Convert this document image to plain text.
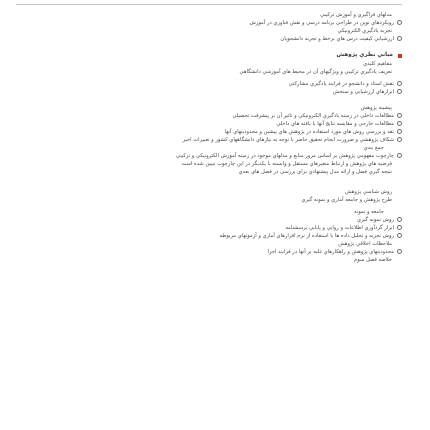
ﻣﺪﻟﻬﺎﻱ ﻓﺮﺍﮔﻴﺮﻱ ﻭ ﺁﻣﻮﺯﺵ ﺗﺮﻛﻴﺒﻲ
ﺭﻭﻳﻜﺮﺩﻫﺎﻱ ﻧﻮﻳﻦ ﺩﺭ ﻃﺮﺍﺣﻲ ﺑﺮﻧﺎﻣﻪ ﺩﺭﺳﻲ ﻭ ﻧﻘﺶ ﻓﻨﺎﻭﺭﻱ ﺩﺭ ﺁﻣﻮﺯﺵ
ﺗﺠﺮﺑﻪ ﻳﺎﺩﮔﻴﺮﻱ ﺍﻟﻜﺘﺮﻭﻧﻴﻜﻲ
ﺍﺭﺯﺷﻴﺎﺑﻲ ﻛﻴﻔﻴﺖ ﺩﺭﺱ ﻫﺎﻱ ﺑﺮﺧﻂ ﻭ ﺗﺠﺮﺑﻪ ﺩﺍﻧﺸﺠﻮﻳﺎﻥ
ﻣﺒﺎﻧﻲ ﻧﻈﺮﻱ ﭘﮋﻭﻫﺶ
ﻣﻔﺎﻫﻴﻢ ﻛﻠﻴﺪﻱ
ﺗﻌﺮﻳﻒ ﻳﺎﺩﮔﻴﺮﻱ ﺗﺮﻛﻴﺒﻲ ﻭ ﻭﻳﮋﮔﻴﻬﺎﻱ ﺁﻥ ﺩﺭ ﻣﺤﻴﻂ ﻫﺎﻱ ﺁﻣﻮﺯﺷﻲ ﺩﺍﻧﺸﮕﺎﻫﻲ
ﻧﻘﺶ ﺍﺳﺘﺎﺩ ﻭ ﺩﺍﻧﺸﺠﻮ ﺩﺭ ﻓﺮﺍﻳﻨﺪ ﻳﺎﺩﮔﻴﺮﻱ ﻣﺸﺎﺭﻛﺘﻲ
ﺍﺑﺰﺍﺭﻫﺎﻱ ﺍﺭﺯﺷﻴﺎﺑﻲ ﻭ ﺳﻨﺠﺶ
ﭘﻴﺸﻴﻨﻪ ﭘﮋﻭﻫﺶ
ﻣﻄﺎﻟﻌﺎﺕ ﺩﺍﺧﻠﻲ ﺩﺭ ﺯﻣﻴﻨﻪ ﻳﺎﺩﮔﻴﺮﻱ ﺍﻟﻜﺘﺮﻭﻧﻴﻜﻲ ﻭ ﺗﺎﺛﻴﺮ ﺁﻥ ﺑﺮ ﭘﻴﺸﺮﻓﺖ ﺗﺤﺼﻴﻠﻲ
ﻣﻄﺎﻟﻌﺎﺕ ﺧﺎﺭﺟﻲ ﻭ ﻣﻘﺎﻳﺴﻪ ﻧﺘﺎﻳﺞ ﺁﻧﻬﺎ ﺑﺎ ﻳﺎﻓﺘﻪ ﻫﺎﻱ ﺩﺍﺧﻠﻲ
ﻧﻘﺪ ﻭ ﺑﺮﺭﺳﻲ ﺭﻭﺵ ﻫﺎﻱ ﻣﻮﺭﺩ ﺍﺳﺘﻔﺎﺩﻩ ﺩﺭ ﭘﮋﻭﻫﺶ ﻫﺎﻱ ﭘﻴﺸﻴﻦ ﻭ ﻣﺤﺪﻭﺩﻳﺘﻬﺎﻱ ﺁﻧﻬﺎ
ﺷﻜﺎﻑ ﭘﮋﻭﻫﺸﻲ ﻭ ﺿﺮﻭﺭﺕ ﺍﻧﺠﺎﻡ ﺗﺤﻘﻴﻖ ﺣﺎﺿﺮ ﺑﺎ ﺗﻮﺟﻪ ﺑﻪ ﻧﻴﺎﺯﻫﺎﻱ ﺩﺍﻧﺸﮕﺎﻫﻬﺎﻱ ﻛﺸﻮﺭ ﻭ ﺗﻐﻴﻴﺮﺍﺕ ﺍﺧﻴﺮ
ﺟﻤﻊ ﺑﻨﺪﻱ
ﭼﺎﺭﭼﻮﺏ ﻣﻔﻬﻮﻣﻲ ﭘﮋﻭﻫﺶ ﺑﺮ ﺍﺳﺎﺱ ﻣﺮﻭﺭ ﻣﻨﺎﺑﻊ ﻭ ﻣﺪﻟﻬﺎﻱ ﻣﻮﺟﻮﺩ ﺩﺭ ﺯﻣﻴﻨﻪ ﺁﻣﻮﺯﺵ ﺍﻟﻜﺘﺮﻭﻧﻴﻜﻲ ﻭ ﺗﺮﻛﻴﺒﻲ
ﻓﺮﺿﻴﻪ ﻫﺎﻱ ﭘﮋﻭﻫﺶ ﻭ ﺍﺭﺗﺒﺎﻁ ﻣﺘﻐﻴﺮﻫﺎﻱ ﻣﺴﺘﻘﻞ ﻭ ﻭﺍﺑﺴﺘﻪ ﺑﺎ ﻳﻜﺪﻳﮕﺮ ﺩﺭ ﺍﻳﻦ ﭼﺎﺭﭼﻮﺏ ﺗﺒﻴﻴﻦ ﺷﺪﻩ ﺍﺳﺖ
ﻧﺘﻴﺠﻪ ﮔﻴﺮﻱ ﻓﺼﻞ ﻭ ﺍﺭﺍﺋﻪ ﻣﺪﻝ ﭘﻴﺸﻨﻬﺎﺩﻱ ﺑﺮﺍﻱ ﺑﺮﺭﺳﻲ ﺩﺭ ﻓﺼﻞ ﻫﺎﻱ ﺑﻌﺪﻱ
ﺭﻭﺵ ﺷﻨﺎﺳﻲ ﭘﮋﻭﻫﺶ
ﻃﺮﺡ ﭘﮋﻭﻫﺶ ﻭ ﺟﺎﻣﻌﻪ ﺁﻣﺎﺭﻱ ﻭ ﻧﻤﻮﻧﻪ ﮔﻴﺮﻱ
ﺟﺎﻣﻌﻪ ﻭ ﻧﻤﻮﻧﻪ
ﺭﻭﺵ ﻧﻤﻮﻧﻪ ﮔﻴﺮﻱ
ﺍﺑﺰﺍﺭ ﮔﺮﺩﺁﻭﺭﻱ ﺍﻃﻼﻋﺎﺕ ﻭ ﺭﻭﺍﻳﻲ ﻭ ﭘﺎﻳﺎﻳﻲ ﭘﺮﺳﺸﻨﺎﻣﻪ
ﺭﻭﺵ ﺗﺠﺰﻳﻪ ﻭ ﺗﺤﻠﻴﻞ ﺩﺍﺩﻩ ﻫﺎ ﺑﺎ ﺍﺳﺘﻔﺎﺩﻩ ﺍﺯ ﻧﺮﻡ ﺍﻓﺰﺍﺭﻫﺎﻱ ﺁﻣﺎﺭﻱ ﻭ ﺁﺯﻣﻮﻧﻬﺎﻱ ﻣﺮﺑﻮﻃﻪ
ﻣﻼﺣﻈﺎﺕ ﺍﺧﻼﻗﻲ ﭘﮋﻭﻫﺶ
ﻣﺤﺪﻭﺩﻳﺘﻬﺎﻱ ﭘﮋﻭﻫﺶ ﻭ ﺭﺍﻫﻜﺎﺭﻫﺎﻱ ﻏﻠﺒﻪ ﺑﺮ ﺁﻧﻬﺎ ﺩﺭ ﻓﺮﺍﻳﻨﺪ ﺍﺟﺮﺍ
ﺧﻼﺻﻪ ﻓﺼﻞ ﺳﻮﻡ
